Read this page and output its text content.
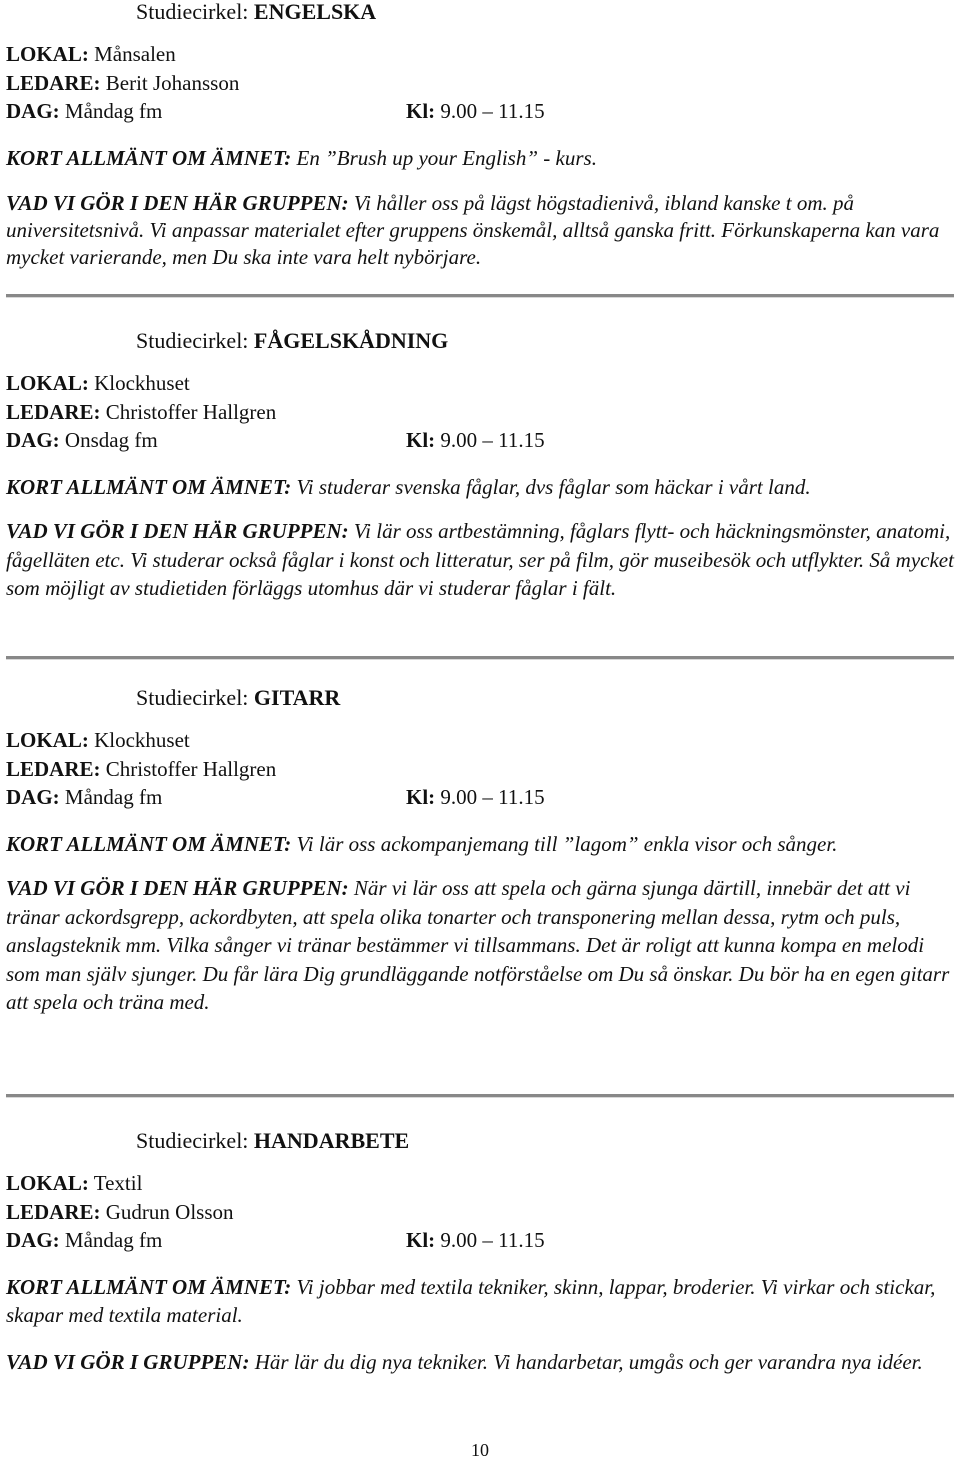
Studiecirkel: ENGELSKA
LOKAL: Månsalen
LEDARE: Berit Johansson
DAG: Måndag fm	Kl: 9.00 – 11.15
KORT ALLMÄNT OM ÄMNET: En ”Brush up your English” - kurs.
VAD VI GÖR I DEN HÄR GRUPPEN: Vi håller oss på lägst högstadienivå, ibland kanske t om. på universitetsnivå. Vi anpassar materialet efter gruppens önskemål, alltså ganska fritt. Förkunskaperna kan vara mycket varierande, men Du ska inte vara helt nybörjare.
Studiecirkel: FÅGELSKÅDNING
LOKAL: Klockhuset
LEDARE: Christoffer Hallgren
DAG: Onsdag fm	Kl: 9.00 – 11.15
KORT ALLMÄNT OM ÄMNET: Vi studerar svenska fåglar, dvs fåglar som häckar i vårt land.
VAD VI GÖR I DEN HÄR GRUPPEN: Vi lär oss artbestämning, fåglars flytt- och häckningsmönster, anatomi, fågelläten etc. Vi studerar också fåglar i konst och litteratur, ser på film, gör museibesök och utflykter. Så mycket som möjligt av studietiden förläggs utomhus där vi studerar fåglar i fält.
Studiecirkel: GITARR
LOKAL: Klockhuset
LEDARE: Christoffer Hallgren
DAG: Måndag fm	Kl: 9.00 – 11.15
KORT ALLMÄNT OM ÄMNET: Vi lär oss ackompanjemang till ”lagom” enkla visor och sånger.
VAD VI GÖR I DEN HÄR GRUPPEN: När vi lär oss att spela och gärna sjunga därtill, innebär det att vi tränar ackordsgrepp, ackordbyten, att spela olika tonarter och transponering mellan dessa, rytm och puls, anslagsteknik mm. Vilka sånger vi tränar bestämmer vi tillsammans. Det är roligt att kunna kompa en melodi som man själv sjunger. Du får lära Dig grundläggande notförståelse om Du så önskar. Du bör ha en egen gitarr att spela och träna med.
Studiecirkel: HANDARBETE
LOKAL: Textil
LEDARE: Gudrun Olsson
DAG: Måndag fm	Kl: 9.00 – 11.15
KORT ALLMÄNT OM ÄMNET: Vi jobbar med textila tekniker, skinn, lappar, broderier. Vi virkar och stickar, skapar med textila material.
VAD VI GÖR I GRUPPEN: Här lär du dig nya tekniker. Vi handarbetar, umgås och ger varandra nya idéer.
10
